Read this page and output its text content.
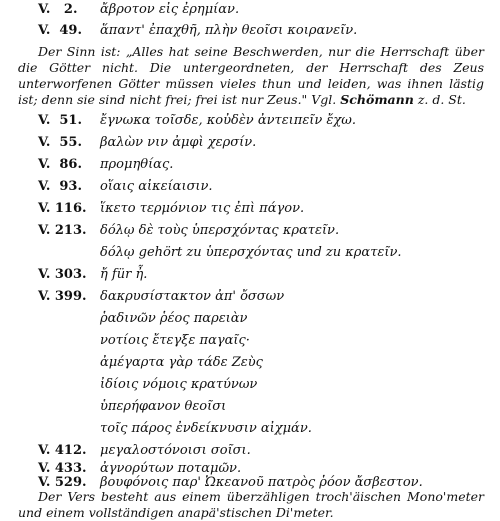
V.   2. ἄβροτον εἰς ἐρημίαν.
V.  49. ἅπαντ' ἐπαχθῆ, πλὴν θεοῖσι κοιρανεῖν.
Der Sinn ist: „Alles hat seine Beschwerden, nur die Herrschaft über die Götter nicht. Die untergeordneten, der Herrschaft des Zeus unterworfenen Götter müssen vieles thun und leiden, was ihnen lästig ist; denn sie sind nicht frei; frei ist nur Zeus." Vgl. Schömann z. d. St.
V.  51. ἔγνωκα τοῖσδε, κοὐδὲν ἀντειπεῖν ἔχω.
V.  55. βαλὼν νιν ἀμφὶ χερσίν.
V.  86. προμηθίας.
V.  93. οἵαις αἰκείαισιν.
V. 116. ἵκετο τερμόνιον τις ἐπὶ πάγον.
V. 213. δόλῳ δὲ τοὺς ὑπερσχόντας κρατεῖν.
δόλῳ gehört zu ὑπερσχόντας und zu κρατεῖν.
V. 303. ἤ für ἦ.
V. 399. δακρυσίστακτον ἀπ' ὄσσων
ῥαδινῶν ῥέος παρειὰν
νοτίοις ἔτεγξε παγαῖς·
ἀμέγαρτα γὰρ τάδε Ζεὺς
ἰδίοις νόμοις κρατύνων
ὑπερήφανον θεοῖσι
τοῖς πάρος ἐνδείκνυσιν αἰχμάν.
V. 412. μεγαλοστόνοισι σοῖσι.
V. 433. ἀγνορύτων ποταμῶν.
V. 529. βουφόνοις παρ' Ὠκεανοῦ πατρὸς ῥόον ἄσβεστον.
Der Vers besteht aus einem überzähligen troch'äischen Mono'meter und einem vollständigen anapä'stischen Di'meter.
